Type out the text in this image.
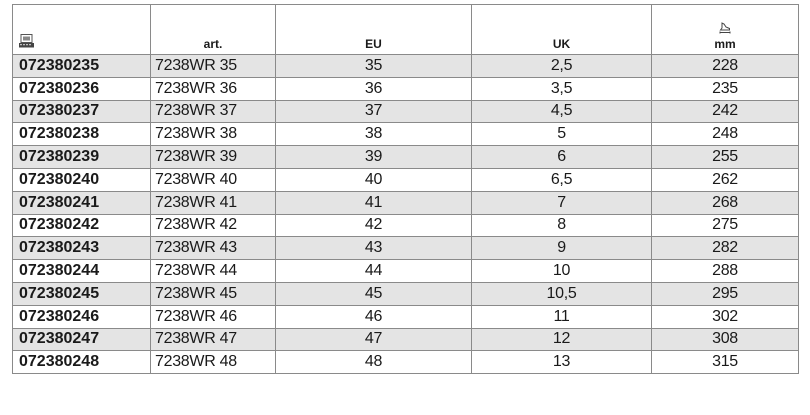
	art.	EU	UK	mm
072380235	7238WR 35	35	2,5	228
072380236	7238WR 36	36	3,5	235
072380237	7238WR 37	37	4,5	242
072380238	7238WR 38	38	5	248
072380239	7238WR 39	39	6	255
072380240	7238WR 40	40	6,5	262
072380241	7238WR 41	41	7	268
072380242	7238WR 42	42	8	275
072380243	7238WR 43	43	9	282
072380244	7238WR 44	44	10	288
072380245	7238WR 45	45	10,5	295
072380246	7238WR 46	46	11	302
072380247	7238WR 47	47	12	308
072380248	7238WR 48	48	13	315
